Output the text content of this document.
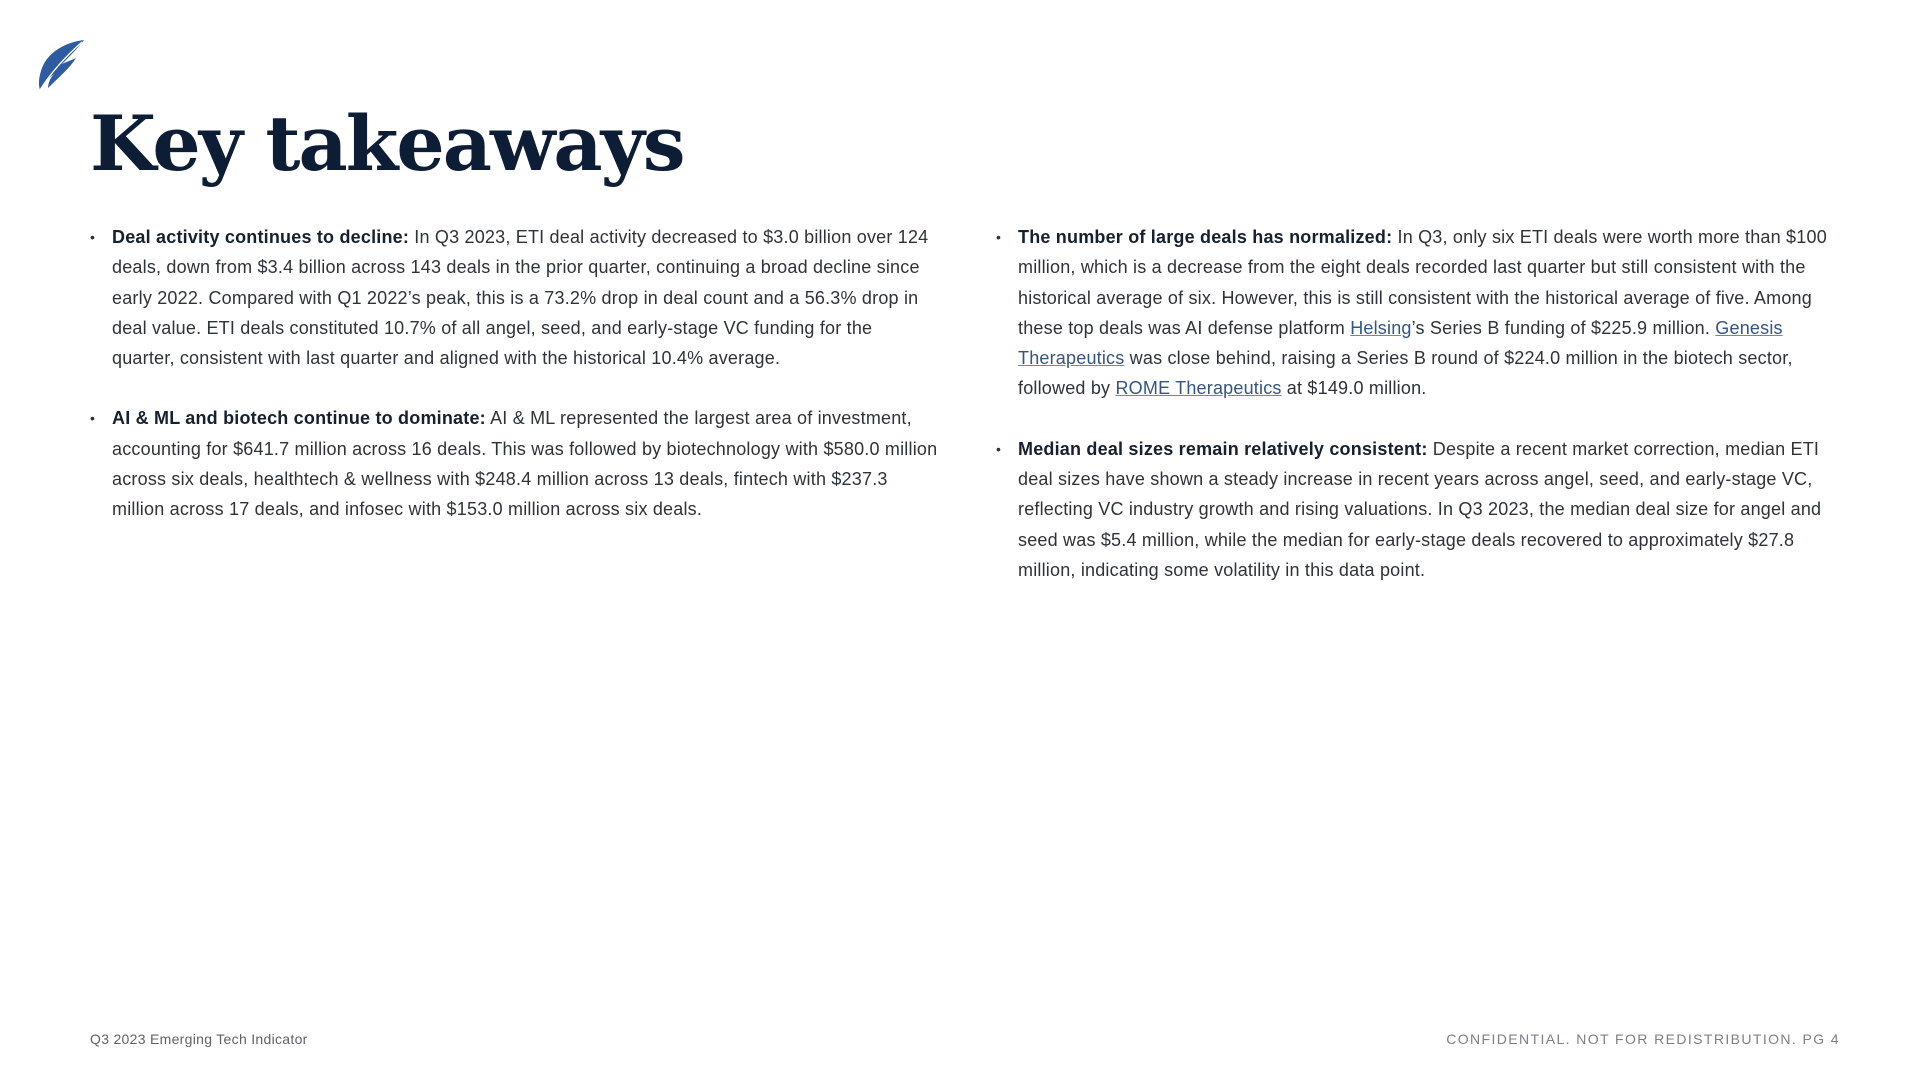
Key takeaways

• Deal activity continues to decline: In Q3 2023, ETI deal activity decreased to $3.0 billion over 124 deals, down from $3.4 billion across 143 deals in the prior quarter, continuing a broad decline since early 2022. Compared with Q1 2022’s peak, this is a 73.2% drop in deal count and a 56.3% drop in deal value. ETI deals constituted 10.7% of all angel, seed, and early-stage VC funding for the quarter, consistent with last quarter and aligned with the historical 10.4% average.

• AI & ML and biotech continue to dominate: AI & ML represented the largest area of investment, accounting for $641.7 million across 16 deals. This was followed by biotechnology with $580.0 million across six deals, healthtech & wellness with $248.4 million across 13 deals, fintech with $237.3 million across 17 deals, and infosec with $153.0 million across six deals.

• The number of large deals has normalized: In Q3, only six ETI deals were worth more than $100 million, which is a decrease from the eight deals recorded last quarter but still consistent with the historical average of six. However, this is still consistent with the historical average of five. Among these top deals was AI defense platform Helsing’s Series B funding of $225.9 million. Genesis Therapeutics was close behind, raising a Series B round of $224.0 million in the biotech sector, followed by ROME Therapeutics at $149.0 million.

• Median deal sizes remain relatively consistent: Despite a recent market correction, median ETI deal sizes have shown a steady increase in recent years across angel, seed, and early-stage VC, reflecting VC industry growth and rising valuations. In Q3 2023, the median deal size for angel and seed was $5.4 million, while the median for early-stage deals recovered to approximately $27.8 million, indicating some volatility in this data point.

Q3 2023 Emerging Tech Indicator	CONFIDENTIAL. NOT FOR REDISTRIBUTION. PG 4
